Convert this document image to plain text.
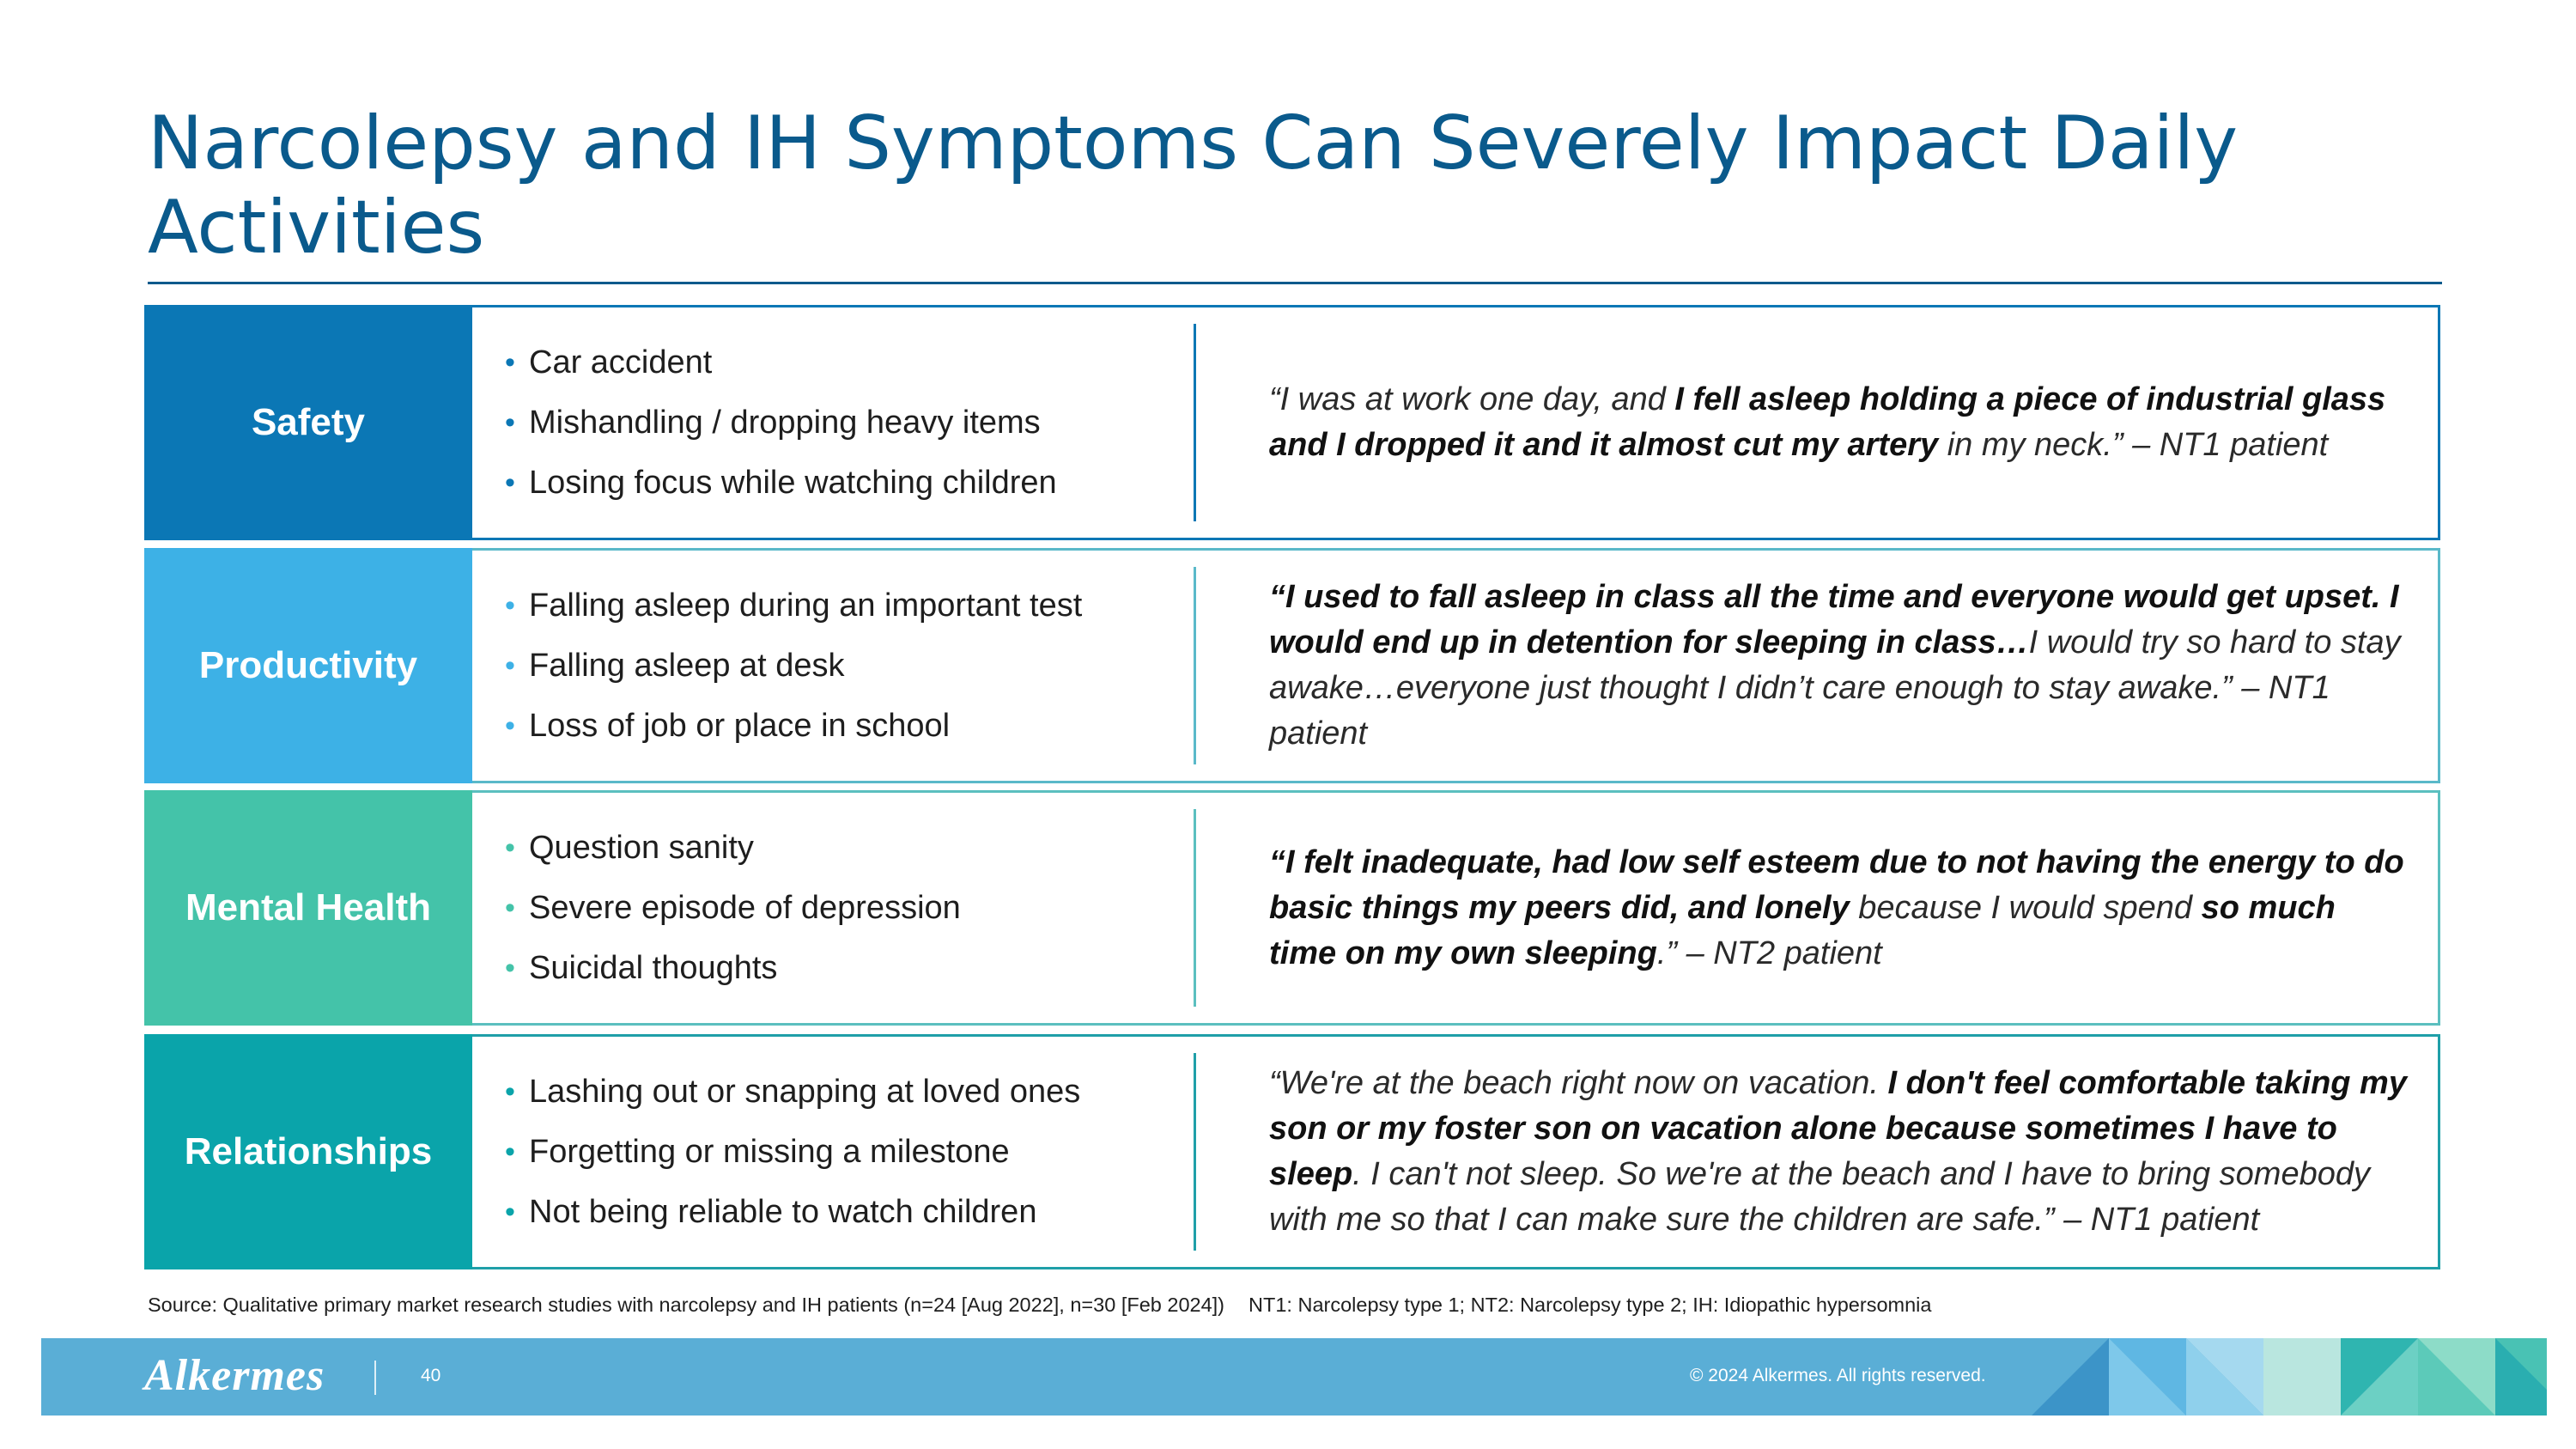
Narcolepsy and IH Symptoms Can Severely Impact Daily Activities
Safety
• Car accident
• Mishandling / dropping heavy items
• Losing focus while watching children
“I was at work one day, and I fell asleep holding a piece of industrial glass and I dropped it and it almost cut my artery in my neck.” – NT1 patient
Productivity
• Falling asleep during an important test
• Falling asleep at desk
• Loss of job or place in school
“I used to fall asleep in class all the time and everyone would get upset. I would end up in detention for sleeping in class…I would try so hard to stay awake…everyone just thought I didn’t care enough to stay awake.” – NT1 patient
Mental Health
• Question sanity
• Severe episode of depression
• Suicidal thoughts
“I felt inadequate, had low self esteem due to not having the energy to do basic things my peers did, and lonely because I would spend so much time on my own sleeping.” – NT2 patient
Relationships
• Lashing out or snapping at loved ones
• Forgetting or missing a milestone
• Not being reliable to watch children
“We're at the beach right now on vacation. I don't feel comfortable taking my son or my foster son on vacation alone because sometimes I have to sleep. I can't not sleep. So we're at the beach and I have to bring somebody with me so that I can make sure the children are safe.” – NT1 patient
Source: Qualitative primary market research studies with narcolepsy and IH patients (n=24 [Aug 2022], n=30 [Feb 2024]) NT1: Narcolepsy type 1; NT2: Narcolepsy type 2; IH: Idiopathic hypersomnia
Alkermes	40	© 2024 Alkermes. All rights reserved.
